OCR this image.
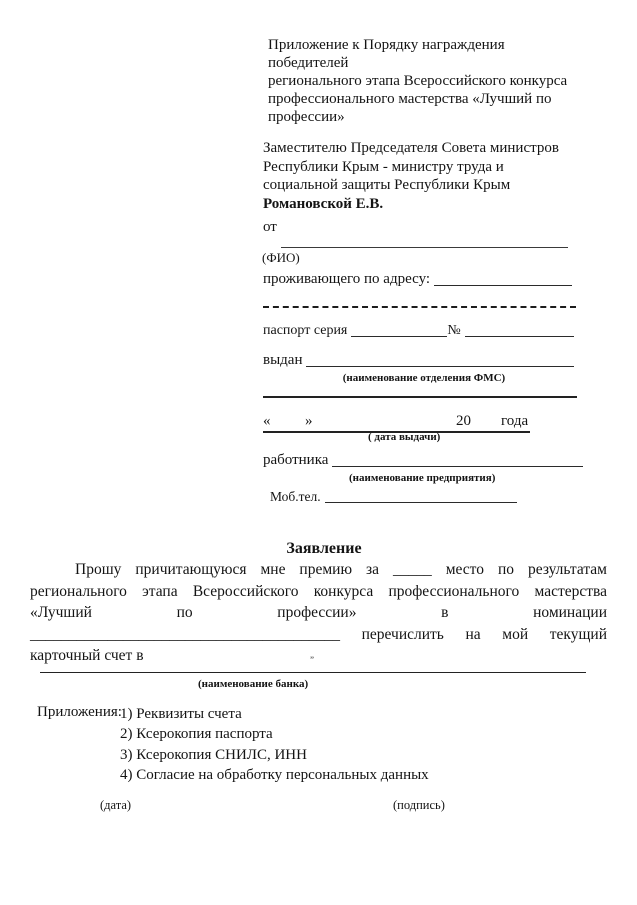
Приложение к Порядку награждения победителей
регионального этапа Всероссийского конкурса
профессионального мастерства «Лучший по
профессии»
Заместителю Председателя Совета министров
Республики Крым - министру труда и
социальной защиты Республики Крым
Романовской Е.В.
от
(ФИО)
проживающего по адресу:
паспорт серия	№
выдан
(наименование отделения ФМС)
« »	20 года
( дата выдачи)
работника
(наименование предприятия)
Моб.тел.
Заявление
Прошу причитающуюся мне премию за _____ место по результатам
регионального этапа Всероссийского конкурса профессионального мастерства
«Лучший по профессии» в номинации
________________________________________ перечислить на мой текущий
карточный счет в	”
(наименование банка)
Приложения:
1) Реквизиты счета
2) Ксерокопия паспорта
3) Ксерокопия СНИЛС, ИНН
4) Согласие на обработку персональных данных
(дата)	(подпись)
